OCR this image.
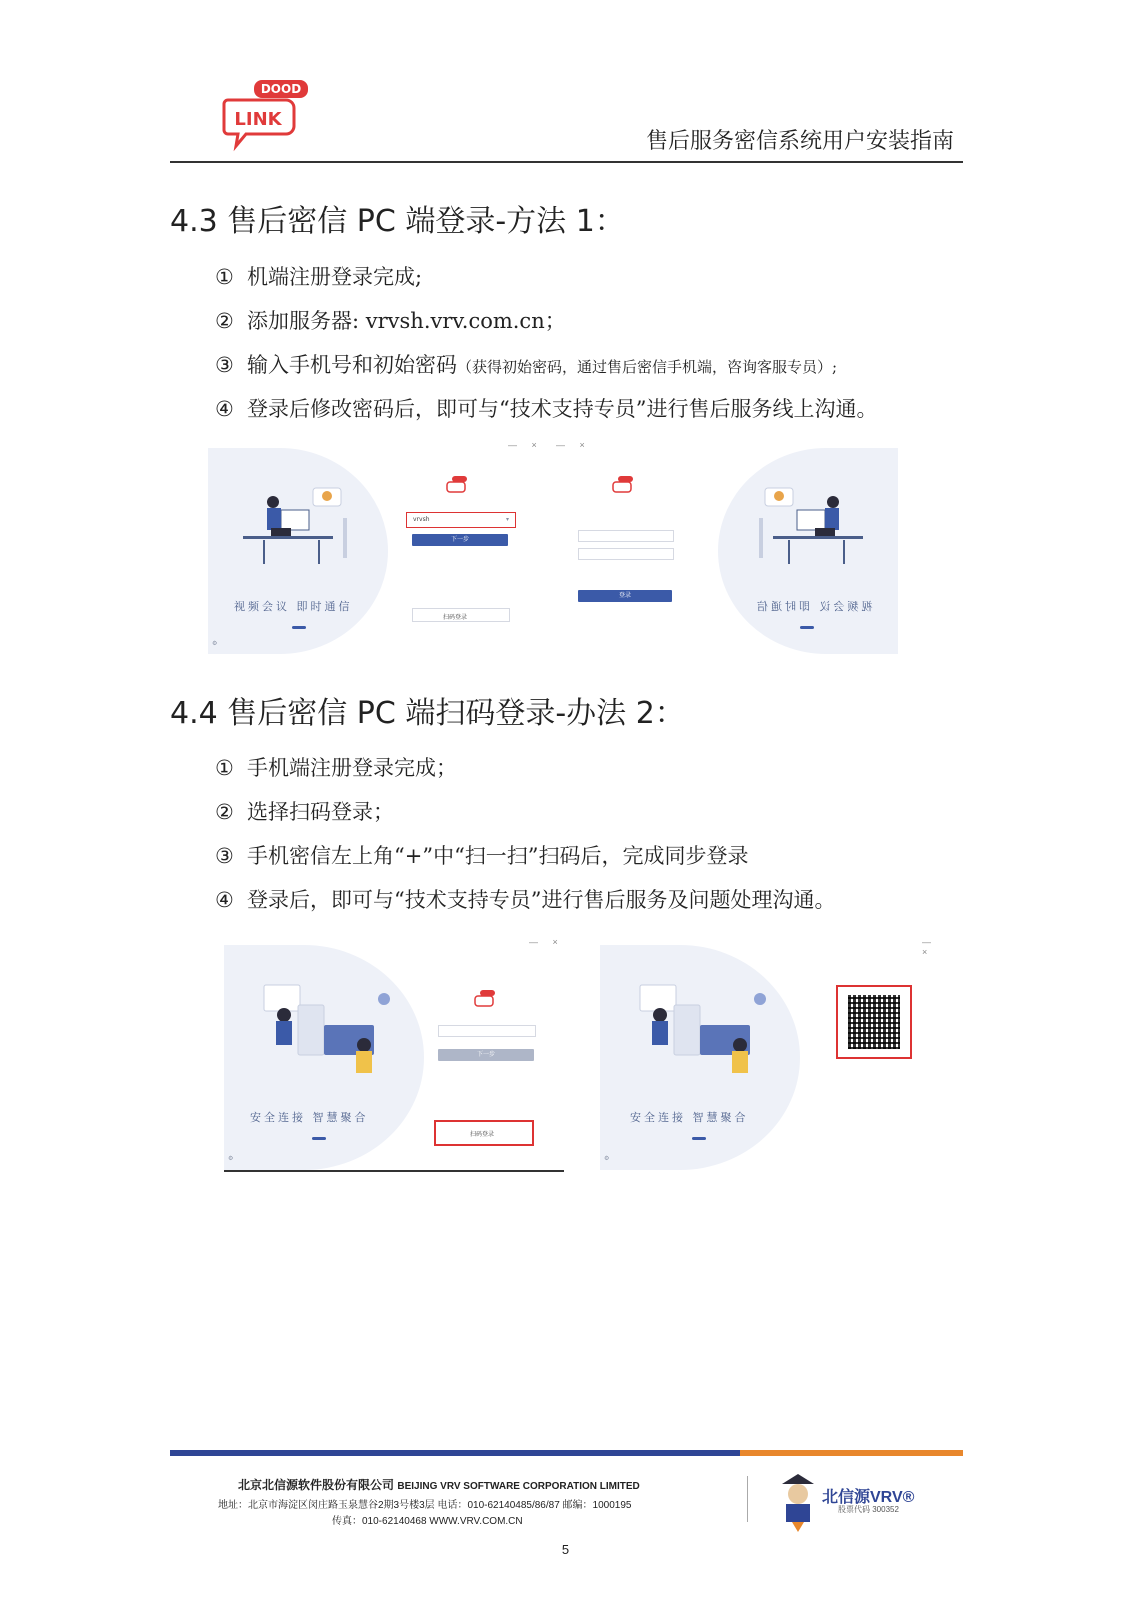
DOOD
LINK
售后服务密信系统用户安装指南
4.3 售后密信 PC 端登录-方法 1：
① 机端注册登录完成;
② 添加服务器: vrvsh.vrv.com.cn；
③ 输入手机号和初始密码（获得初始密码，通过售后密信手机端，咨询客服专员）;
④ 登录后修改密码后，即可与“技术支持专员”进行售后服务线上沟通。
视频会议 即时通信
⚙
vrvsh	▾
下一步
扫码登录
— ×
登录
— ×
视频会议 即时通信
4.4 售后密信 PC 端扫码登录-办法 2：
① 手机端注册登录完成；
② 选择扫码登录；
③ 手机密信左上角“+”中“扫一扫”扫码后，完成同步登录
④ 登录后，即可与“技术支持专员”进行售后服务及问题处理沟通。
安全连接 智慧聚合
⚙
下一步
扫码登录
— ×
安全连接 智慧聚合
⚙
— ×
北京北信源软件股份有限公司 BEIJING VRV SOFTWARE CORPORATION LIMITED
地址：北京市海淀区闵庄路玉泉慧谷2期3号楼3层 电话：010-62140485/86/87 邮编：1000195
传真：010-62140468 WWW.VRV.COM.CN
北信源VRV®
股票代码 300352
5
